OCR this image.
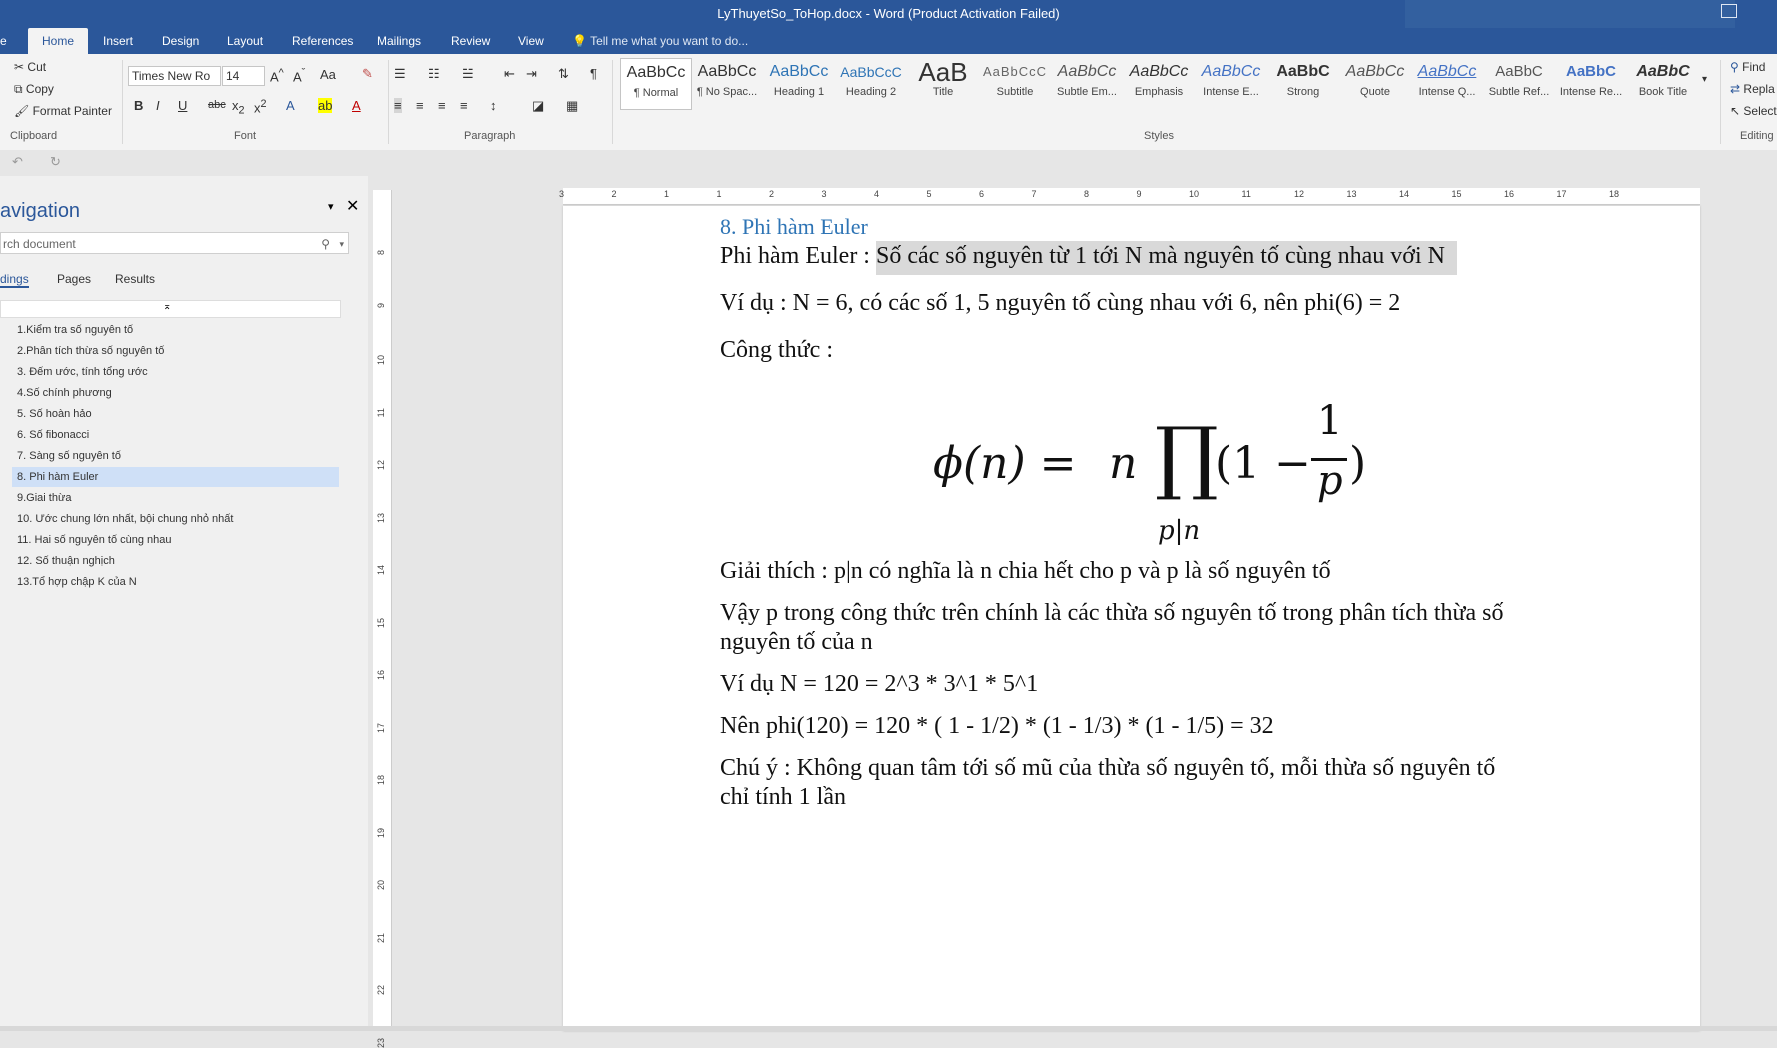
LyThuyetSo_ToHop.docx - Word (Product Activation Failed)
e	Home	Insert Design Layout References Mailings Review View 💡 Tell me what you want to do...
✂ Cut
⧉ Copy
🖌 Format Painter
Clipboard
Times New Ro	14	A^ $A^ˇ$ Aa ✎
B I U abc $x_2$ $x^2$ A ab A
Font
☰ ☷ ☱ ⇤ ⇥ ⇅ ¶
≡ ≡ ≡ ≡ ↕	◪ ▦
Paragraph
AaBbCc
¶ Normal
AaBbCc
¶ No Spac...
AaBbCc
Heading 1
AaBbCcC
Heading 2
AaB
Title
AaBbCcC
Subtitle
AaBbCc
Subtle Em...
AaBbCc
Emphasis
AaBbCc
Intense E...
AaBbC
Strong
AaBbCc
Quote
AaBbCc
Intense Q...
AaBbC
Subtle Ref...
AaBbC
Intense Re...
AaBbC
Book Title
▾
Styles
⚲ Find
⇄ Repla
↖ Select
Editing
↶ ↻
avigation	▾ ✕
rch document	⚲ ▾
dings Pages Results
⌅
1.Kiểm tra số nguyên tố
2.Phân tích thừa số nguyên tố
3. Đếm ước, tính tổng ước
4.Số chính phương
5. Số hoàn hảo
6. Số fibonacci
7. Sàng số nguyên tố
8. Phi hàm Euler
9.Giai thừa
10. Ước chung lớn nhất, bội chung nhỏ nhất
11. Hai số nguyên tố cùng nhau
12. Số thuận nghịch
13.Tổ hợp chập K của N
8
9
10
11
12
13
14
15
16
17
18
19
20
21
22
23
3	2	1	1	2	3	4	5	6	7	8	9	10	11	12	13	14	15	16	17	18
8. Phi hàm Euler
Phi hàm Euler : Số các số nguyên từ 1 tới N mà nguyên tố cùng nhau với N
Ví dụ : N = 6, có các số 1, 5 nguyên tố cùng nhau với 6, nên phi(6) = 2
Công thức :
ϕ(n) = n ∏
p|n
(1 −
1
p )
Giải thích : p|n có nghĩa là n chia hết cho p và p là số nguyên tố
Vậy p trong công thức trên chính là các thừa số nguyên tố trong phân tích thừa số
nguyên tố của n
Ví dụ N = 120 = 2^3 * 3^1 * 5^1
Nên phi(120) = 120 * ( 1 - 1/2) * (1 - 1/3) * (1 - 1/5) = 32
Chú ý : Không quan tâm tới số mũ của thừa số nguyên tố, mỗi thừa số nguyên tố
chỉ tính 1 lần
